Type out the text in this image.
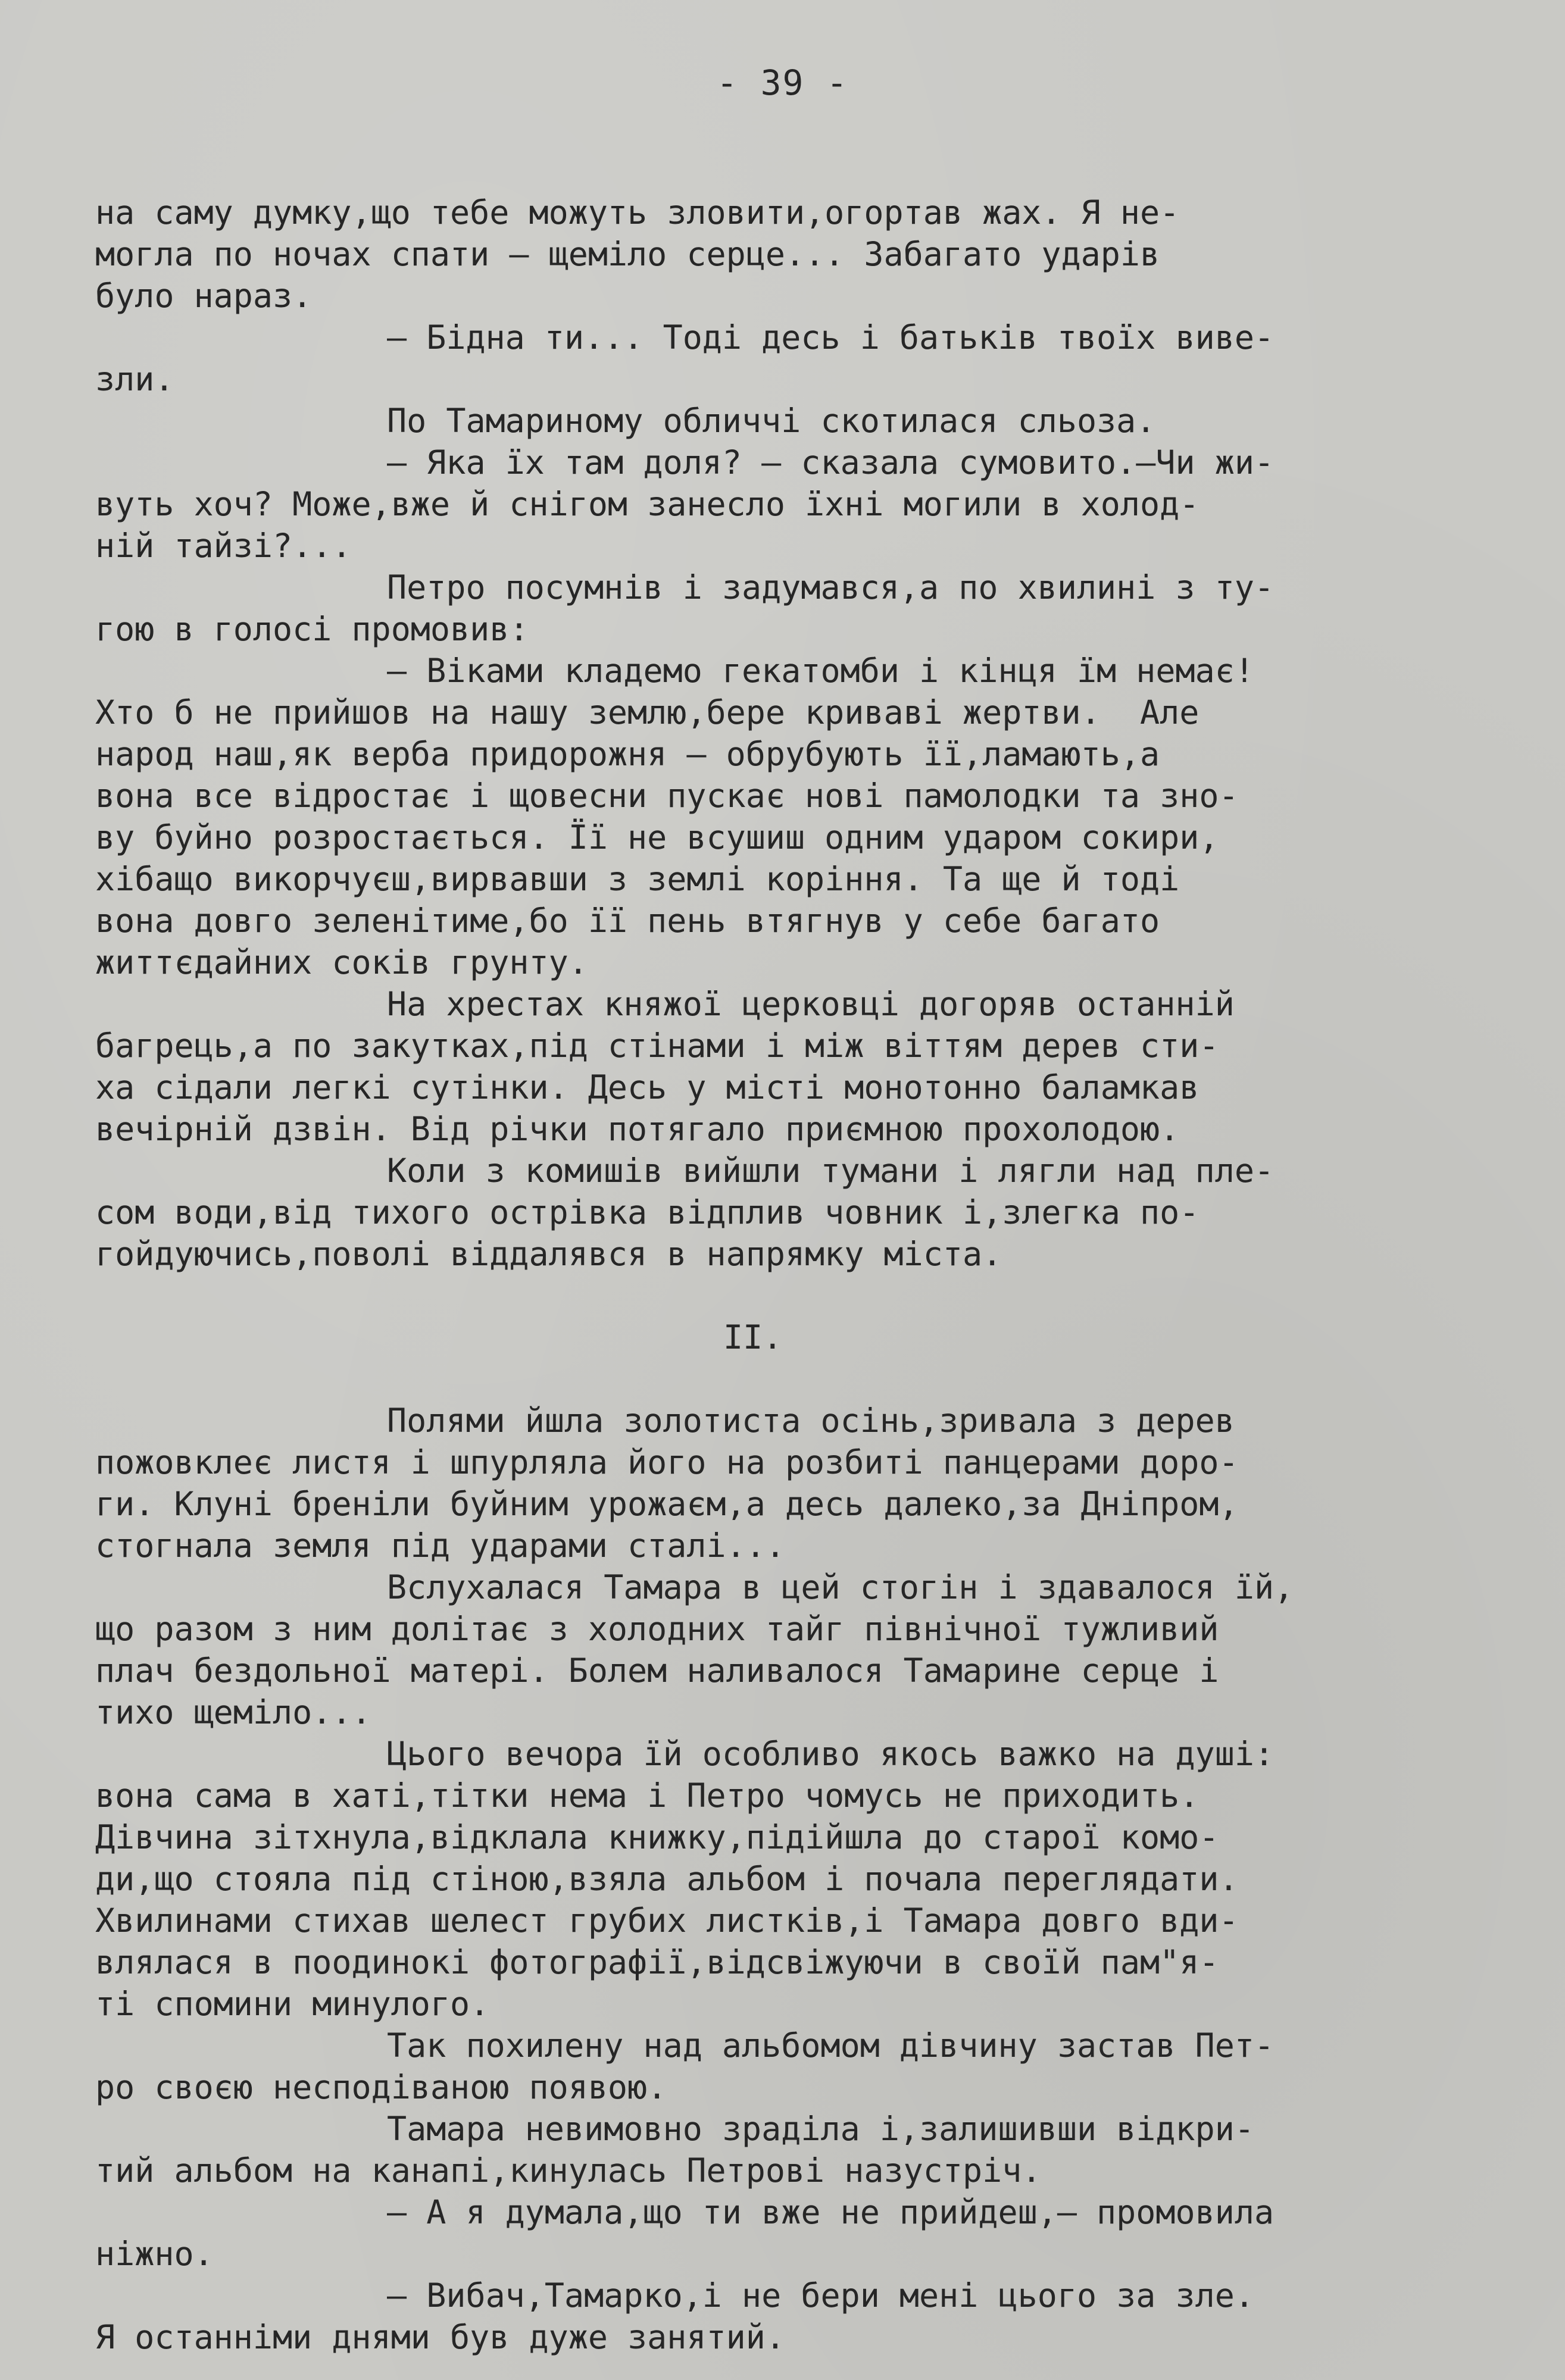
- 39 -
на саму думку,що тебе можуть зловити,огортав жах. Я не-
могла по ночах спати – щеміло серце... Забагато ударів
було нараз.
– Бідна ти... Тоді десь і батьків твоїх виве-
зли.
По Тамариному обличчі скотилася сльоза.
– Яка їх там доля? – сказала сумовито.–Чи жи-
вуть хоч? Може,вже й снігом занесло їхні могили в холод-
ній тайзі?...
Петро посумнів і задумався,а по хвилині з ту-
гою в голосі промовив:
– Віками кладемо гекатомби і кінця їм немає!
Хто б не прийшов на нашу землю,бере криваві жертви.  Але
народ наш,як верба придорожня – обрубують її,ламають,а
вона все відростає і щовесни пускає нові памолодки та зно-
ву буйно розростається. Її не всушиш одним ударом сокири,
хібащо викорчуєш,вирвавши з землі коріння. Та ще й тоді
вона довго зеленітиме,бо її пень втягнув у себе багато
життєдайних соків грунту.
На хрестах княжої церковці догоряв останній
багрець,а по закутках,під стінами і між віттям дерев сти-
ха сідали легкі сутінки. Десь у місті монотонно баламкав
вечірній дзвін. Від річки потягало приємною прохолодою.
Коли з комишів вийшли тумани і лягли над пле-
сом води,від тихого острівка відплив човник і,злегка по-
гойдуючись,поволі віддалявся в напрямку міста.
II.
Полями йшла золотиста осінь,зривала з дерев
пожовклеє листя і шпурляла його на розбиті панцерами доро-
ги. Клуні бреніли буйним урожаєм,а десь далеко,за Дніпром,
стогнала земля під ударами сталі...
Вслухалася Тамара в цей стогін і здавалося їй,
що разом з ним долітає з холодних тайг північної тужливий
плач бездольної матері. Болем наливалося Тамарине серце і
тихо щеміло...
Цього вечора їй особливо якось важко на душі:
вона сама в хаті,тітки нема і Петро чомусь не приходить.
Дівчина зітхнула,відклала книжку,підійшла до старої комо-
ди,що стояла під стіною,взяла альбом і почала переглядати.
Хвилинами стихав шелест грубих листків,і Тамара довго вди-
влялася в поодинокі фотографії,відсвіжуючи в своїй пам"я-
ті спомини минулого.
Так похилену над альбомом дівчину застав Пет-
ро своєю несподіваною появою.
Тамара невимовно зраділа і,залишивши відкри-
тий альбом на канапі,кинулась Петрові назустріч.
– А я думала,що ти вже не прийдеш,– промовила
ніжно.
– Вибач,Тамарко,і не бери мені цього за зле.
Я останніми днями був дуже занятий.
